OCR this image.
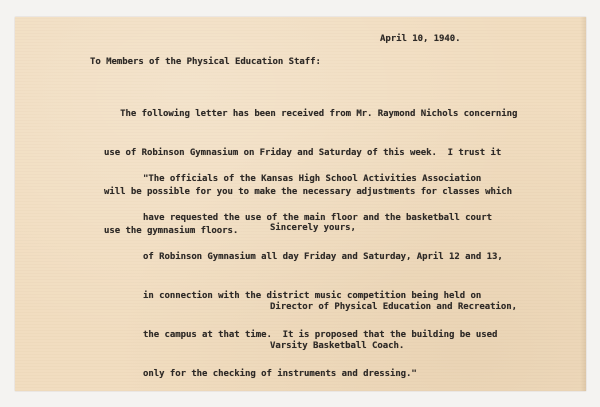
April 10, 1940.
To Members of the Physical Education Staff:

The following letter has been received from Mr. Raymond Nichols concerning

use of Robinson Gymnasium on Friday and Saturday of this week.  I trust it

will be possible for you to make the necessary adjustments for classes which

use the gymnasium floors.

"The officials of the Kansas High School Activities Association

have requested the use of the main floor and the basketball court

of Robinson Gymnasium all day Friday and Saturday, April 12 and 13,

in connection with the district music competition being held on

the campus at that time.  It is proposed that the building be used

only for the checking of instruments and dressing."

Sincerely yours,

Director of Physical Education and Recreation,

Varsity Basketball Coach.
